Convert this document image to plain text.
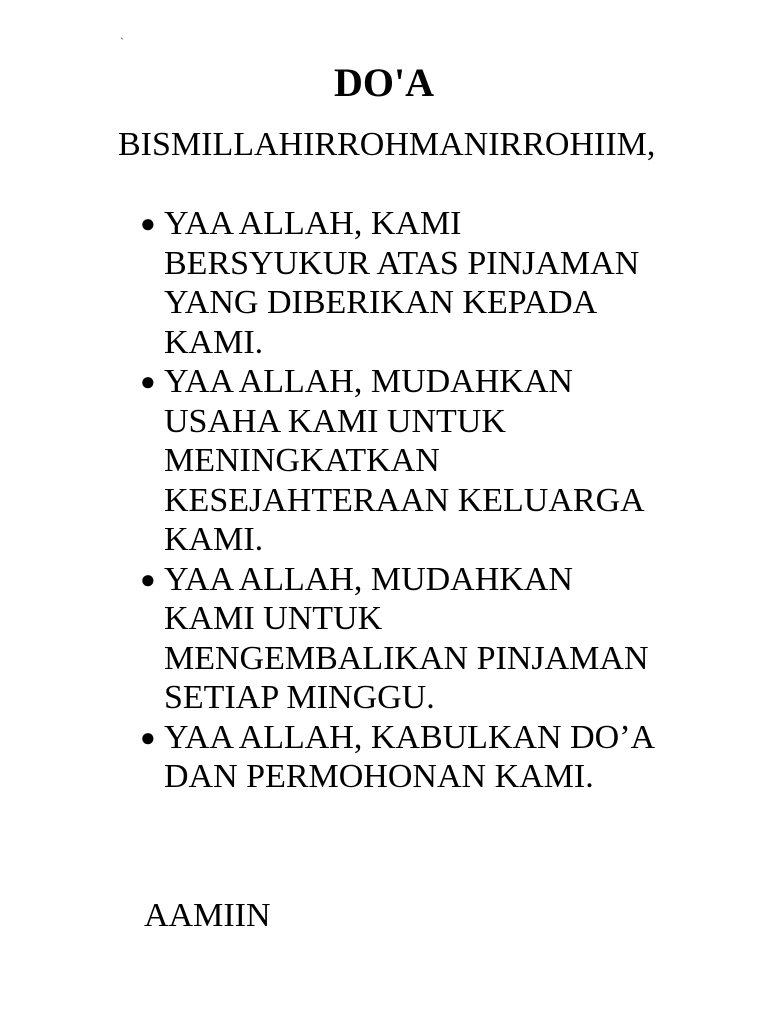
`
DO'A

BISMILLAHIRROHMANIRROHIIM,

● YAA ALLAH, KAMI BERSYUKUR ATAS PINJAMAN YANG DIBERIKAN KEPADA KAMI.
● YAA ALLAH, MUDAHKAN USAHA KAMI UNTUK MENINGKATKAN KESEJAHTERAAN KELUARGA KAMI.
● YAA ALLAH, MUDAHKAN KAMI UNTUK MENGEMBALIKAN PINJAMAN SETIAP MINGGU.
● YAA ALLAH, KABULKAN DO’A DAN PERMOHONAN KAMI.

AAMIIN
